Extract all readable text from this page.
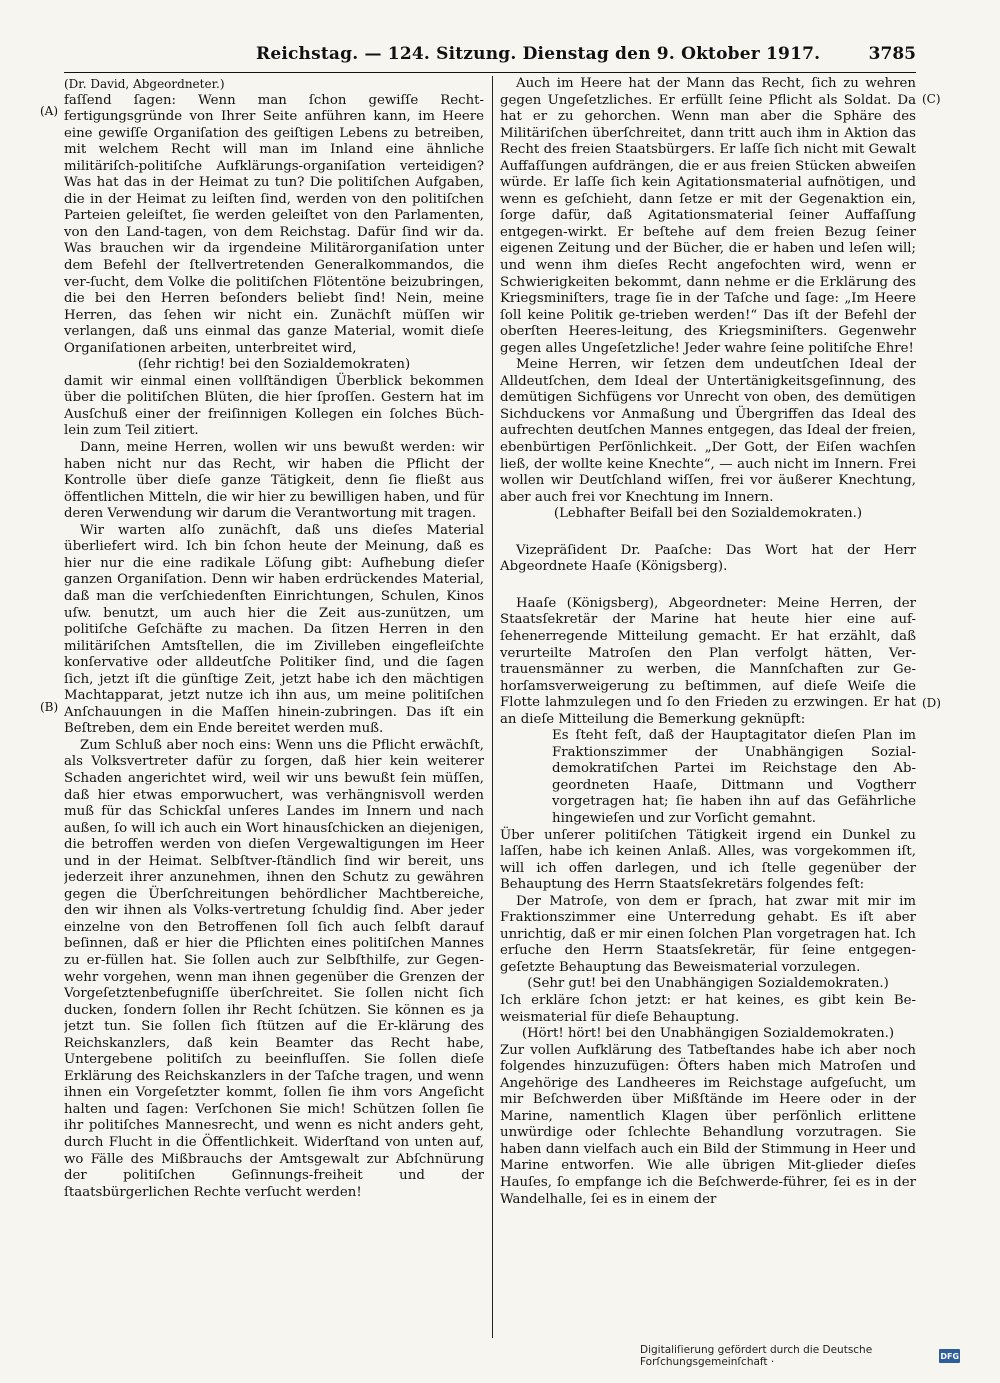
Reichstag. — 124. Sitzung. Dienstag den 9. Oktober 1917.	3785
(A)
(B)
(C)
(D)

(Dr. David, Abgeordneter.)

faſſend ſagen: Wenn man ſchon gewiſſe Recht-fertigungsgründe von Ihrer Seite anführen kann, im Heere eine gewiſſe Organiſation des geiſtigen Lebens zu betreiben, mit welchem Recht will man im Inland eine ähnliche militäriſch-politiſche Aufklärungs-organiſation verteidigen? Was hat das in der Heimat zu tun? Die politiſchen Aufgaben, die in der Heimat zu leiſten ſind, werden von den politiſchen Parteien geleiſtet, ſie werden geleiſtet von den Parlamenten, von den Land-tagen, von dem Reichstag. Dafür ſind wir da. Was brauchen wir da irgendeine Militärorganiſation unter dem Befehl der ſtellvertretenden Generalkommandos, die ver-ſucht, dem Volke die politiſchen Flötentöne beizubringen, die bei den Herren beſonders beliebt ſind! Nein, meine Herren, das ſehen wir nicht ein. Zunächſt müſſen wir verlangen, daß uns einmal das ganze Material, womit dieſe Organiſationen arbeiten, unterbreitet wird,

(ſehr richtig! bei den Sozialdemokraten)

damit wir einmal einen vollſtändigen Überblick bekommen über die politiſchen Blüten, die hier ſproſſen. Gestern hat im Ausſchuß einer der freiſinnigen Kollegen ein ſolches Büch-lein zum Teil zitiert.

Dann, meine Herren, wollen wir uns bewußt werden: wir haben nicht nur das Recht, wir haben die Pflicht der Kontrolle über dieſe ganze Tätigkeit, denn ſie fließt aus öffentlichen Mitteln, die wir hier zu bewilligen haben, und für deren Verwendung wir darum die Verantwortung mit tragen.

Wir warten alſo zunächſt, daß uns dieſes Material überliefert wird. Ich bin ſchon heute der Meinung, daß es hier nur die eine radikale Löſung gibt: Aufhebung dieſer ganzen Organiſation. Denn wir haben erdrückendes Material, daß man die verſchiedenſten Einrichtungen, Schulen, Kinos uſw. benutzt, um auch hier die Zeit aus-zunützen, um politiſche Geſchäfte zu machen. Da ſitzen Herren in den militäriſchen Amtsſtellen, die im Zivilleben eingefleiſchte konſervative oder alldeutſche Politiker ſind, und die ſagen ſich, jetzt iſt die günſtige Zeit, jetzt habe ich den mächtigen Machtapparat, jetzt nutze ich ihn aus, um meine politiſchen Anſchauungen in die Maſſen hinein-zubringen. Das iſt ein Beſtreben, dem ein Ende bereitet werden muß.

Zum Schluß aber noch eins: Wenn uns die Pflicht erwächſt, als Volksvertreter dafür zu ſorgen, daß hier kein weiterer Schaden angerichtet wird, weil wir uns bewußt ſein müſſen, daß hier etwas emporwuchert, was verhängnisvoll werden muß für das Schickſal unſeres Landes im Innern und nach außen, ſo will ich auch ein Wort hinausſchicken an diejenigen, die betroffen werden von dieſen Vergewaltigungen im Heer und in der Heimat. Selbſtver-ſtändlich ſind wir bereit, uns jederzeit ihrer anzunehmen, ihnen den Schutz zu gewähren gegen die Überſchreitungen behördlicher Machtbereiche, den wir ihnen als Volks-vertretung ſchuldig ſind. Aber jeder einzelne von den Betroffenen ſoll ſich auch ſelbſt darauf beſinnen, daß er hier die Pflichten eines politiſchen Mannes zu er-füllen hat. Sie ſollen auch zur Selbſthilfe, zur Gegen-wehr vorgehen, wenn man ihnen gegenüber die Grenzen der Vorgeſetztenbefugniſſe überſchreitet. Sie ſollen nicht ſich ducken, ſondern ſollen ihr Recht ſchützen. Sie können es ja jetzt tun. Sie ſollen ſich ſtützen auf die Er-klärung des Reichskanzlers, daß kein Beamter das Recht habe, Untergebene politiſch zu beeinfluſſen. Sie ſollen dieſe Erklärung des Reichskanzlers in der Taſche tragen, und wenn ihnen ein Vorgeſetzter kommt, ſollen ſie ihm vors Angeſicht halten und ſagen: Verſchonen Sie mich! Schützen ſollen ſie ihr politiſches Mannesrecht, und wenn es nicht anders geht, durch Flucht in die Öffentlichkeit. Widerſtand von unten auf, wo Fälle des Mißbrauchs der Amtsgewalt zur Abſchnürung der politiſchen Geſinnungs-freiheit und der ſtaatsbürgerlichen Rechte verſucht werden!

Auch im Heere hat der Mann das Recht, ſich zu wehren gegen Ungeſetzliches. Er erfüllt ſeine Pflicht als Soldat. Da hat er zu gehorchen. Wenn man aber die Sphäre des Militäriſchen überſchreitet, dann tritt auch ihm in Aktion das Recht des freien Staatsbürgers. Er laſſe ſich nicht mit Gewalt Auffaſſungen aufdrängen, die er aus freien Stücken abweiſen würde. Er laſſe ſich kein Agitationsmaterial aufnötigen, und wenn es geſchieht, dann ſetze er mit der Gegenaktion ein, ſorge dafür, daß Agitationsmaterial ſeiner Auffaſſung entgegen-wirkt. Er beſtehe auf dem freien Bezug ſeiner eigenen Zeitung und der Bücher, die er haben und leſen will; und wenn ihm dieſes Recht angefochten wird, wenn er Schwierigkeiten bekommt, dann nehme er die Erklärung des Kriegsminiſters, trage ſie in der Taſche und ſage: „Im Heere ſoll keine Politik ge-trieben werden!“ Das iſt der Befehl der oberſten Heeres-leitung, des Kriegsminiſters. Gegenwehr gegen alles Ungeſetzliche! Jeder wahre ſeine politiſche Ehre!

Meine Herren, wir ſetzen dem undeutſchen Ideal der Alldeutſchen, dem Ideal der Untertänigkeitsgeſinnung, des demütigen Sichfügens vor Unrecht von oben, des demütigen Sichduckens vor Anmaßung und Übergriffen das Ideal des aufrechten deutſchen Mannes entgegen, das Ideal der freien, ebenbürtigen Perſönlichkeit. „Der Gott, der Eiſen wachſen ließ, der wollte keine Knechte“, — auch nicht im Innern. Frei wollen wir Deutſchland wiſſen, frei vor äußerer Knechtung, aber auch frei vor Knechtung im Innern.

(Lebhafter Beifall bei den Sozialdemokraten.)

Vizepräſident Dr. Paaſche: Das Wort hat der Herr Abgeordnete Haaſe (Königsberg).

Haaſe (Königsberg), Abgeordneter: Meine Herren, der Staatsſekretär der Marine hat heute hier eine auf-ſehenerregende Mitteilung gemacht. Er hat erzählt, daß verurteilte Matroſen den Plan verfolgt hätten, Ver-trauensmänner zu werben, die Mannſchaften zur Ge-horſamsverweigerung zu beſtimmen, auf dieſe Weiſe die Flotte lahmzulegen und ſo den Frieden zu erzwingen. Er hat an dieſe Mitteilung die Bemerkung geknüpft:

Es ſteht feſt, daß der Hauptagitator dieſen Plan im Fraktionszimmer der Unabhängigen Sozial-demokratiſchen Partei im Reichstage den Ab-geordneten Haaſe, Dittmann und Vogtherr vorgetragen hat; ſie haben ihn auf das Gefährliche hingewieſen und zur Vorſicht gemahnt.

Über unſerer politiſchen Tätigkeit irgend ein Dunkel zu laſſen, habe ich keinen Anlaß. Alles, was vorgekommen iſt, will ich offen darlegen, und ich ſtelle gegenüber der Behauptung des Herrn Staatsſekretärs folgendes feſt:

Der Matroſe, von dem er ſprach, hat zwar mit mir im Fraktionszimmer eine Unterredung gehabt. Es iſt aber unrichtig, daß er mir einen ſolchen Plan vorgetragen hat. Ich erſuche den Herrn Staatsſekretär, für ſeine entgegen-geſetzte Behauptung das Beweismaterial vorzulegen.

(Sehr gut! bei den Unabhängigen Sozialdemokraten.)

Ich erkläre ſchon jetzt: er hat keines, es gibt kein Be-weismaterial für dieſe Behauptung.

(Hört! hört! bei den Unabhängigen Sozialdemokraten.)

Zur vollen Aufklärung des Tatbeſtandes habe ich aber noch folgendes hinzuzufügen: Öfters haben mich Matroſen und Angehörige des Landheeres im Reichstage aufgeſucht, um mir Beſchwerden über Mißſtände im Heere oder in der Marine, namentlich Klagen über perſönlich erlittene unwürdige oder ſchlechte Behandlung vorzutragen. Sie haben dann vielfach auch ein Bild der Stimmung in Heer und Marine entworfen. Wie alle übrigen Mit-glieder dieſes Hauſes, ſo empfange ich die Beſchwerde-führer, ſei es in der Wandelhalle, ſei es in einem der

Digitaliſierung gefördert durch die Deutsche Forſchungsgemeinſchaft ·	DFG
